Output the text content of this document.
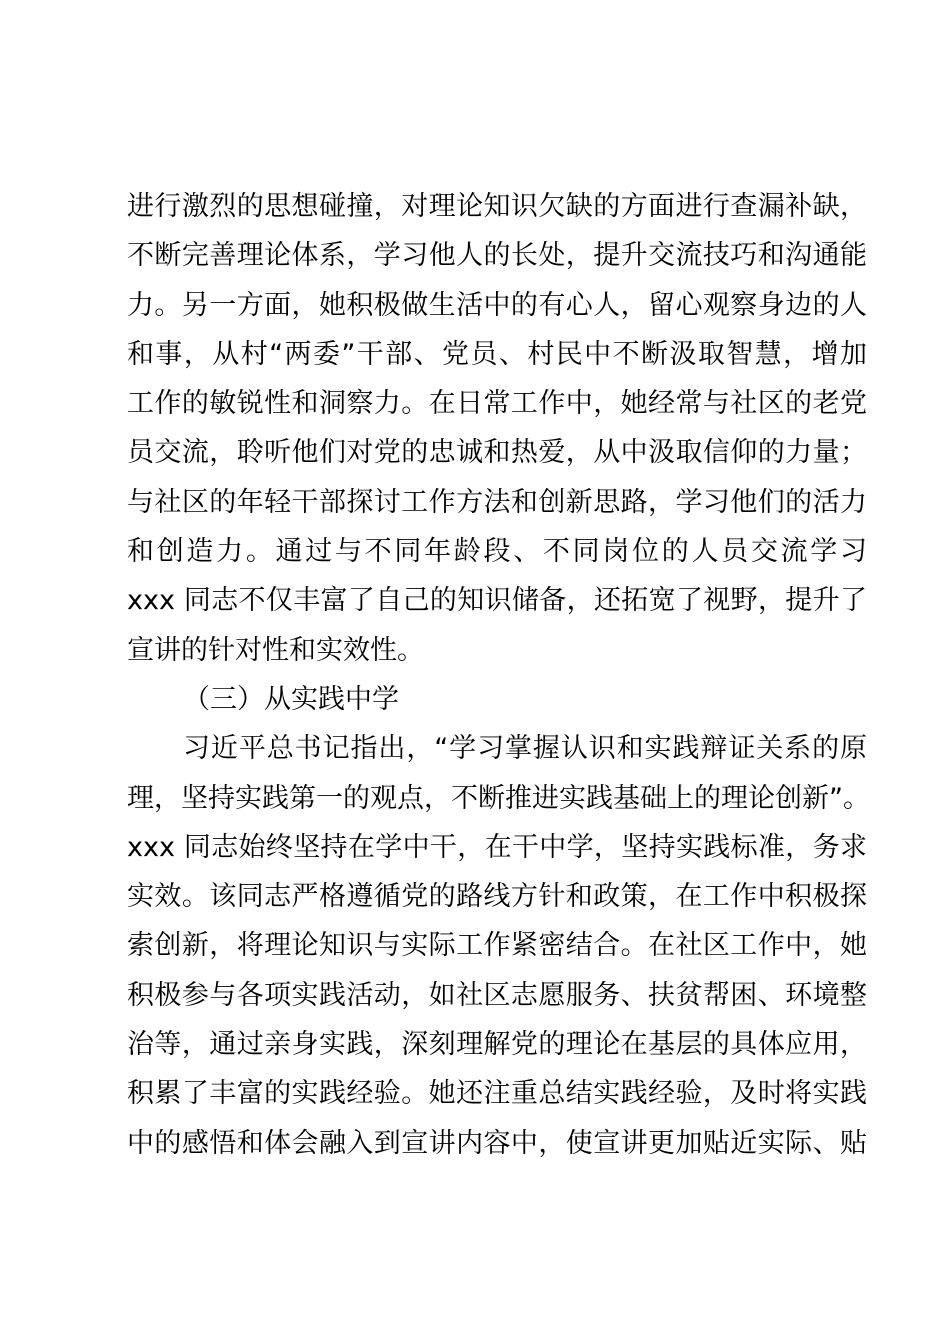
进行激烈的思想碰撞，对理论知识欠缺的方面进行查漏补缺，
不断完善理论体系，学习他人的长处，提升交流技巧和沟通能
力。另一方面，她积极做生活中的有心人，留心观察身边的人
和事，从村“两委”干部、党员、村民中不断汲取智慧，增加
工作的敏锐性和洞察力。在日常工作中，她经常与社区的老党
员交流，聆听他们对党的忠诚和热爱，从中汲取信仰的力量；
与社区的年轻干部探讨工作方法和创新思路，学习他们的活力
和创造力。通过与不同年龄段、不同岗位的人员交流学习
xxx 同志不仅丰富了自己的知识储备，还拓宽了视野，提升了
宣讲的针对性和实效性。
（三）从实践中学
习近平总书记指出，“学习掌握认识和实践辩证关系的原
理，坚持实践第一的观点，不断推进实践基础上的理论创新”。
xxx 同志始终坚持在学中干，在干中学，坚持实践标准，务求
实效。该同志严格遵循党的路线方针和政策，在工作中积极探
索创新，将理论知识与实际工作紧密结合。在社区工作中，她
积极参与各项实践活动，如社区志愿服务、扶贫帮困、环境整
治等，通过亲身实践，深刻理解党的理论在基层的具体应用，
积累了丰富的实践经验。她还注重总结实践经验，及时将实践
中的感悟和体会融入到宣讲内容中，使宣讲更加贴近实际、贴
